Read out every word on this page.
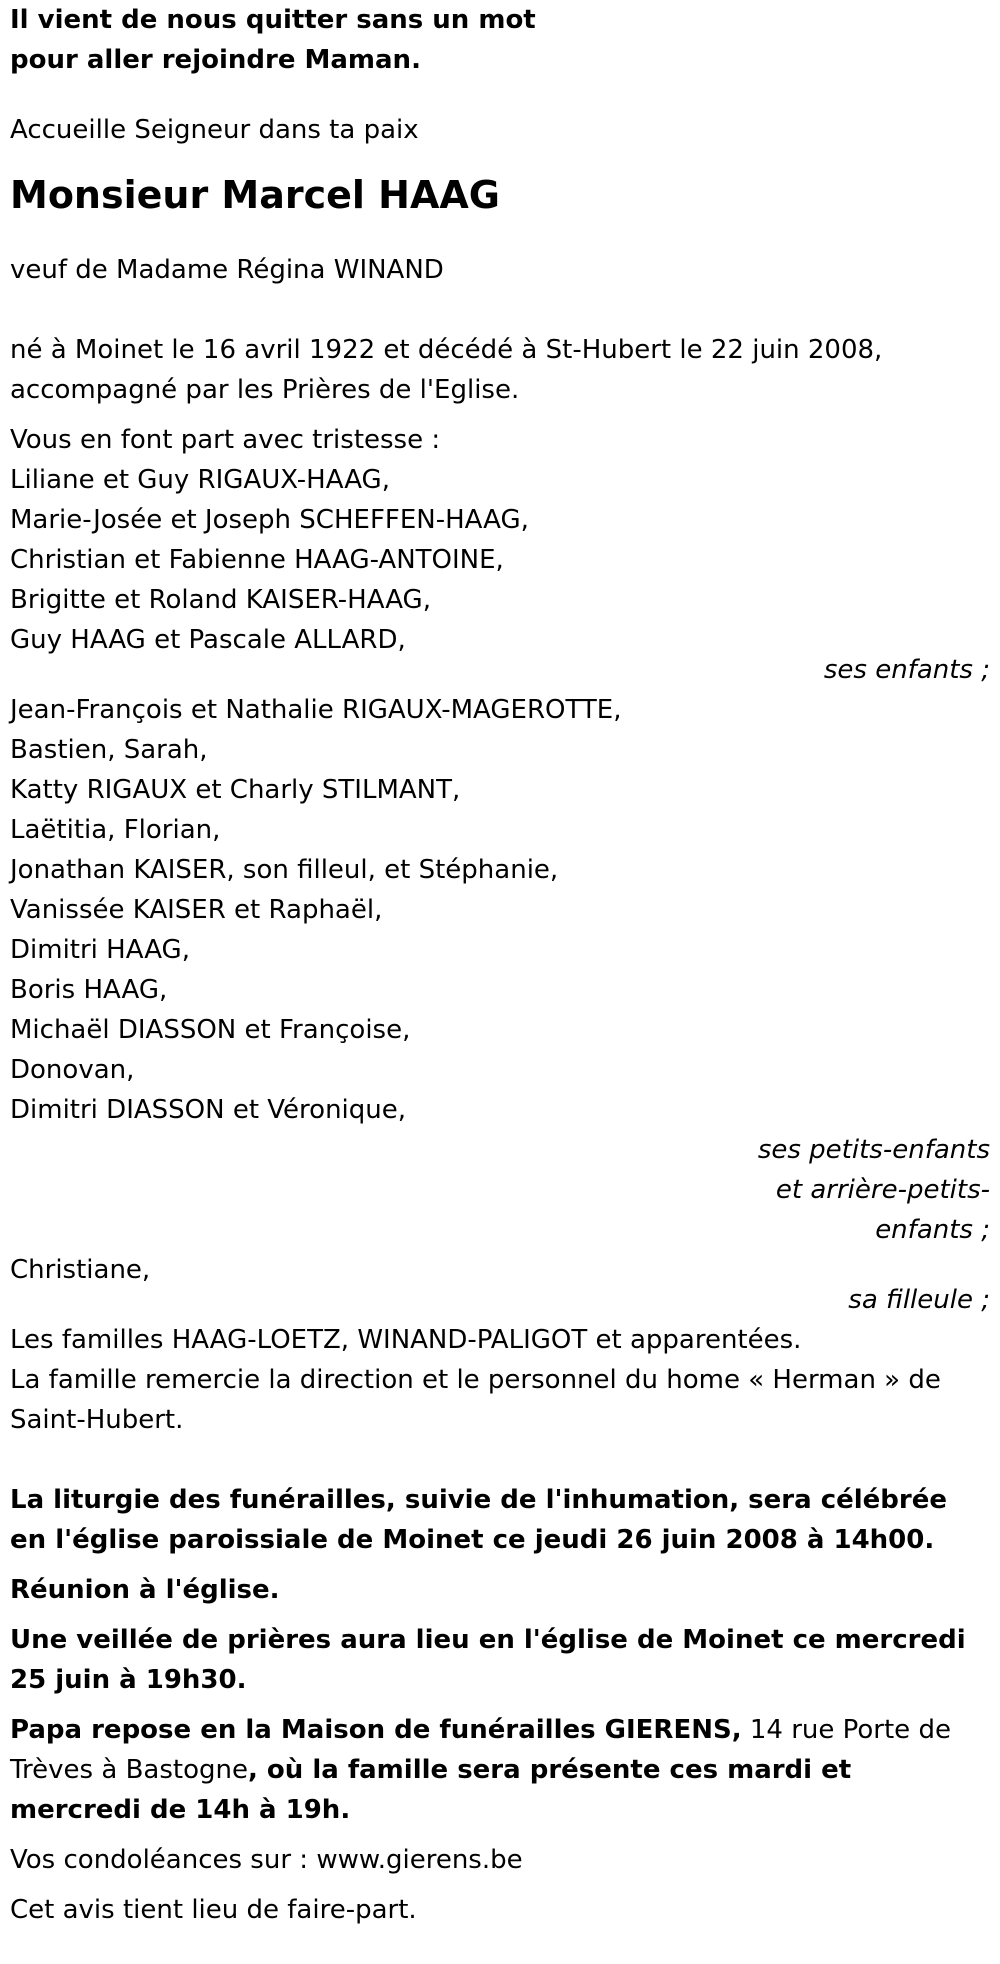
Il vient de nous quitter sans un mot
pour aller rejoindre Maman.
Accueille Seigneur dans ta paix
Monsieur Marcel HAAG
veuf de Madame Régina WINAND
né à Moinet le 16 avril 1922 et décédé à St-Hubert le 22 juin 2008,
accompagné par les Prières de l'Eglise.
Vous en font part avec tristesse :
Liliane et Guy RIGAUX-HAAG,
Marie-Josée et Joseph SCHEFFEN-HAAG,
Christian et Fabienne HAAG-ANTOINE,
Brigitte et Roland KAISER-HAAG,
Guy HAAG et Pascale ALLARD,
ses enfants ;
Jean-François et Nathalie RIGAUX-MAGEROTTE,
Bastien, Sarah,
Katty RIGAUX et Charly STILMANT,
Laëtitia, Florian,
Jonathan KAISER, son filleul, et Stéphanie,
Vanissée KAISER et Raphaël,
Dimitri HAAG,
Boris HAAG,
Michaël DIASSON et Françoise,
Donovan,
Dimitri DIASSON et Véronique,
ses petits-enfants
et arrière-petits-
enfants ;
Christiane,
sa filleule ;
Les familles HAAG-LOETZ, WINAND-PALIGOT et apparentées.
La famille remercie la direction et le personnel du home « Herman » de Saint-Hubert.
La liturgie des funérailles, suivie de l'inhumation, sera célébrée en l'église paroissiale de Moinet ce jeudi 26 juin 2008 à 14h00.
Réunion à l'église.
Une veillée de prières aura lieu en l'église de Moinet ce mercredi 25 juin à 19h30.
Papa repose en la Maison de funérailles GIERENS, 14 rue Porte de Trèves à Bastogne, où la famille sera présente ces mardi et mercredi de 14h à 19h.
Vos condoléances sur : www.gierens.be
Cet avis tient lieu de faire-part.
